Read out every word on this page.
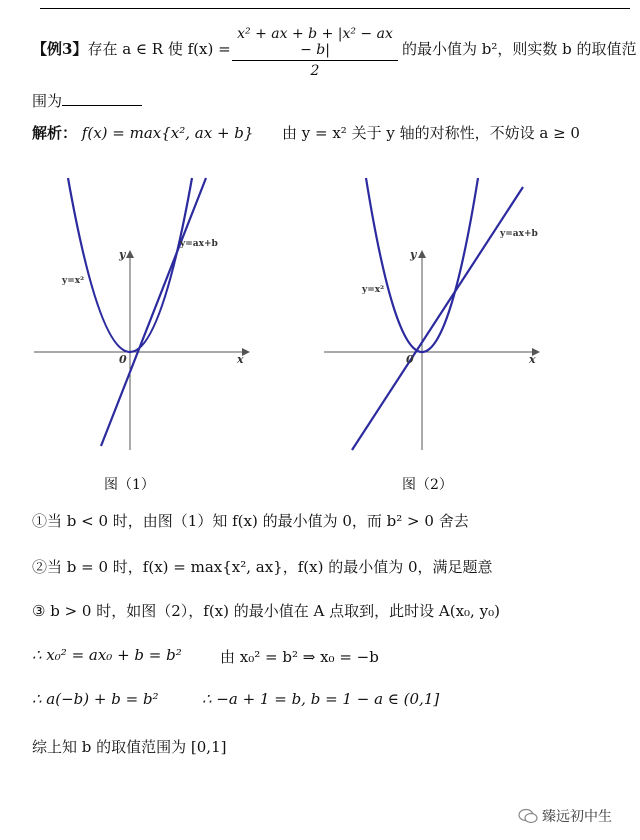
【例3】存在 a ∈ R 使 $f(x) = \frac{\text{x² + ax + b + |x² − ax − b|}}{2}$ 的最小值为 b²，则实数 b 的取值范
围为
解析： f(x) = max{x², ax + b} 由 y = x² 关于 y 轴的对称性，不妨设 a ≥ 0
x
y
0
y=x²
y=ax+b
图（1）
x
y
0
y=x²
y=ax+b
图（2）
①当 b < 0 时，由图（1）知 f(x) 的最小值为 0，而 b² > 0 舍去
②当 b = 0 时，f(x) = max{x², ax}，f(x) 的最小值为 0，满足题意
③ b > 0 时，如图（2），f(x) 的最小值在 A 点取到，此时设 A(x₀, y₀)
∴ x₀² = ax₀ + b = b²	由 x₀² = b² ⇒ x₀ = −b
∴ a(−b) + b = b²	∴ −a + 1 = b, b = 1 − a ∈ (0,1]
综上知 b 的取值范围为 [0,1]
臻远初中生
